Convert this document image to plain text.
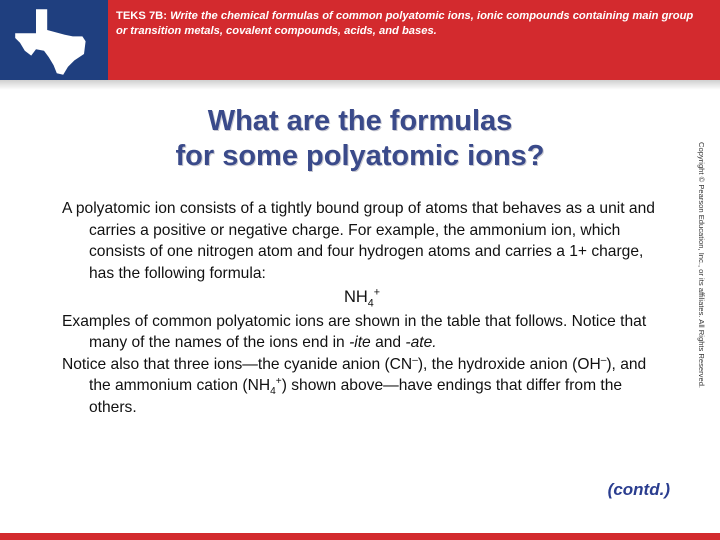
TEKS 7B: Write the chemical formulas of common polyatomic ions, ionic compounds containing main group or transition metals, covalent compounds, acids, and bases.
What are the formulas
for some polyatomic ions?

A polyatomic ion consists of a tightly bound group of atoms that behaves as a unit and carries a positive or negative charge. For example, the ammonium ion, which consists of one nitrogen atom and four hydrogen atoms and carries a 1+ charge, has the following formula:

$NH_4^+$

Examples of common polyatomic ions are shown in the table that follows. Notice that many of the names of the ions end in -ite and -ate.

Notice also that three ions—the cyanide anion (CN–), the hydroxide anion (OH–), and the ammonium cation $(NH_4^+)$ shown above—have endings that differ from the others.

(contd.)
Copyright © Pearson Education, Inc., or its affiliates. All Rights Reserved.
